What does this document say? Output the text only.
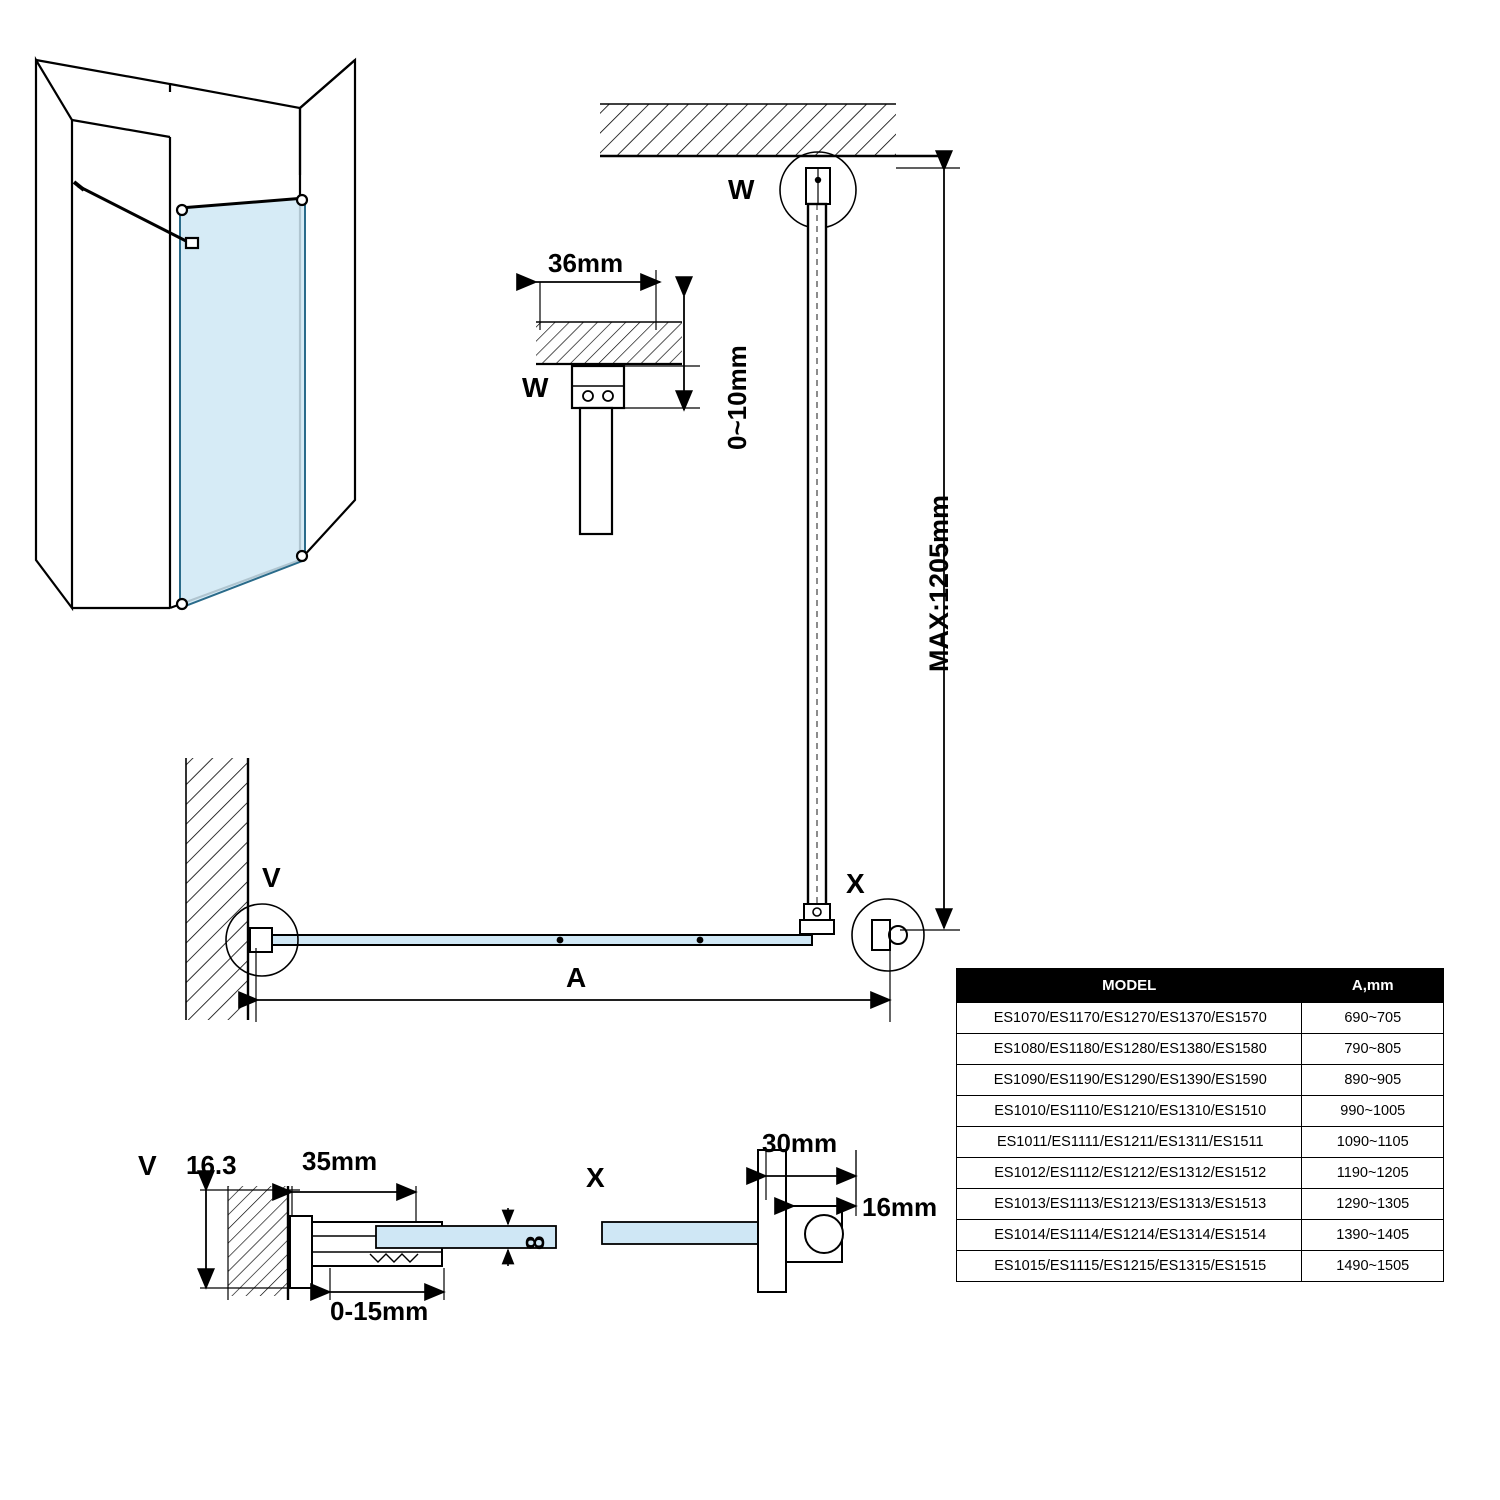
W
W
V	X
V	X
36mm
0~10mm
MAX:1205mm
A
35mm
16.3
0-15mm
8
30mm
16mm
MODEL	A,mm
ES1070/ES1170/ES1270/ES1370/ES1570	690~705
ES1080/ES1180/ES1280/ES1380/ES1580	790~805
ES1090/ES1190/ES1290/ES1390/ES1590	890~905
ES1010/ES1110/ES1210/ES1310/ES1510	990~1005
ES1011/ES1111/ES1211/ES1311/ES1511	1090~1105
ES1012/ES1112/ES1212/ES1312/ES1512	1190~1205
ES1013/ES1113/ES1213/ES1313/ES1513	1290~1305
ES1014/ES1114/ES1214/ES1314/ES1514	1390~1405
ES1015/ES1115/ES1215/ES1315/ES1515	1490~1505
